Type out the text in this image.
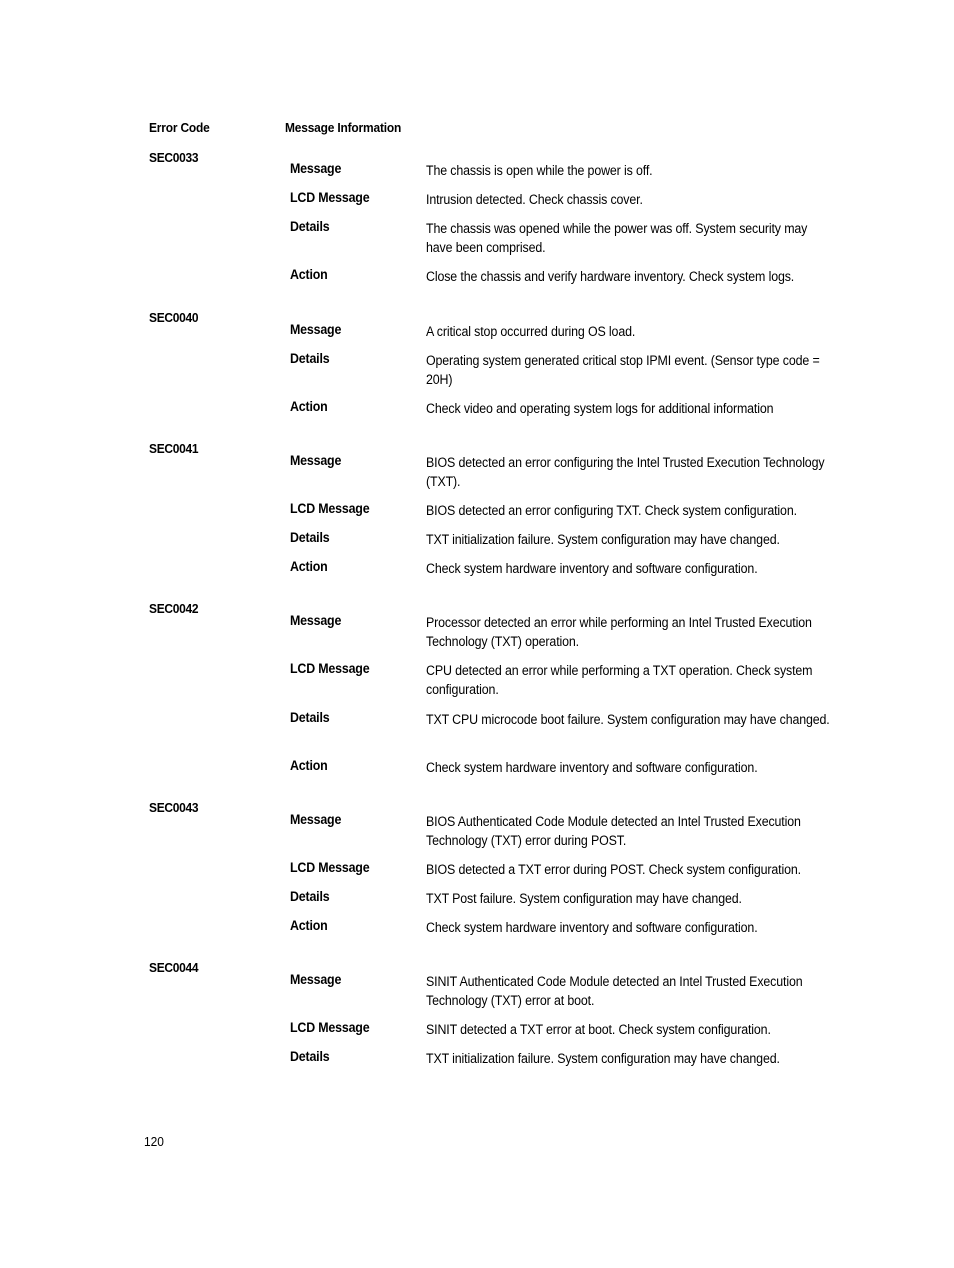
Error Code	Message Information
SEC0033
Message	The chassis is open while the power is off.
LCD Message	Intrusion detected. Check chassis cover.
Details	The chassis was opened while the power was off. System security may have been comprised.
Action	Close the chassis and verify hardware inventory. Check system logs.
SEC0040
Message	A critical stop occurred during OS load.
Details	Operating system generated critical stop IPMI event. (Sensor type code = 20H)
Action	Check video and operating system logs for additional information
SEC0041
Message	BIOS detected an error configuring the Intel Trusted Execution Technology (TXT).
LCD Message	BIOS detected an error configuring TXT. Check system configuration.
Details	TXT initialization failure. System configuration may have changed.
Action	Check system hardware inventory and software configuration.
SEC0042
Message	Processor detected an error while performing an Intel Trusted Execution Technology (TXT) operation.
LCD Message	CPU detected an error while performing a TXT operation. Check system configuration.
Details	TXT CPU microcode boot failure. System configuration may have changed.
Action	Check system hardware inventory and software configuration.
SEC0043
Message	BIOS Authenticated Code Module detected an Intel Trusted Execution Technology (TXT) error during POST.
LCD Message	BIOS detected a TXT error during POST. Check system configuration.
Details	TXT Post failure. System configuration may have changed.
Action	Check system hardware inventory and software configuration.
SEC0044
Message	SINIT Authenticated Code Module detected an Intel Trusted Execution Technology (TXT) error at boot.
LCD Message	SINIT detected a TXT error at boot. Check system configuration.
Details	TXT initialization failure. System configuration may have changed.
120
